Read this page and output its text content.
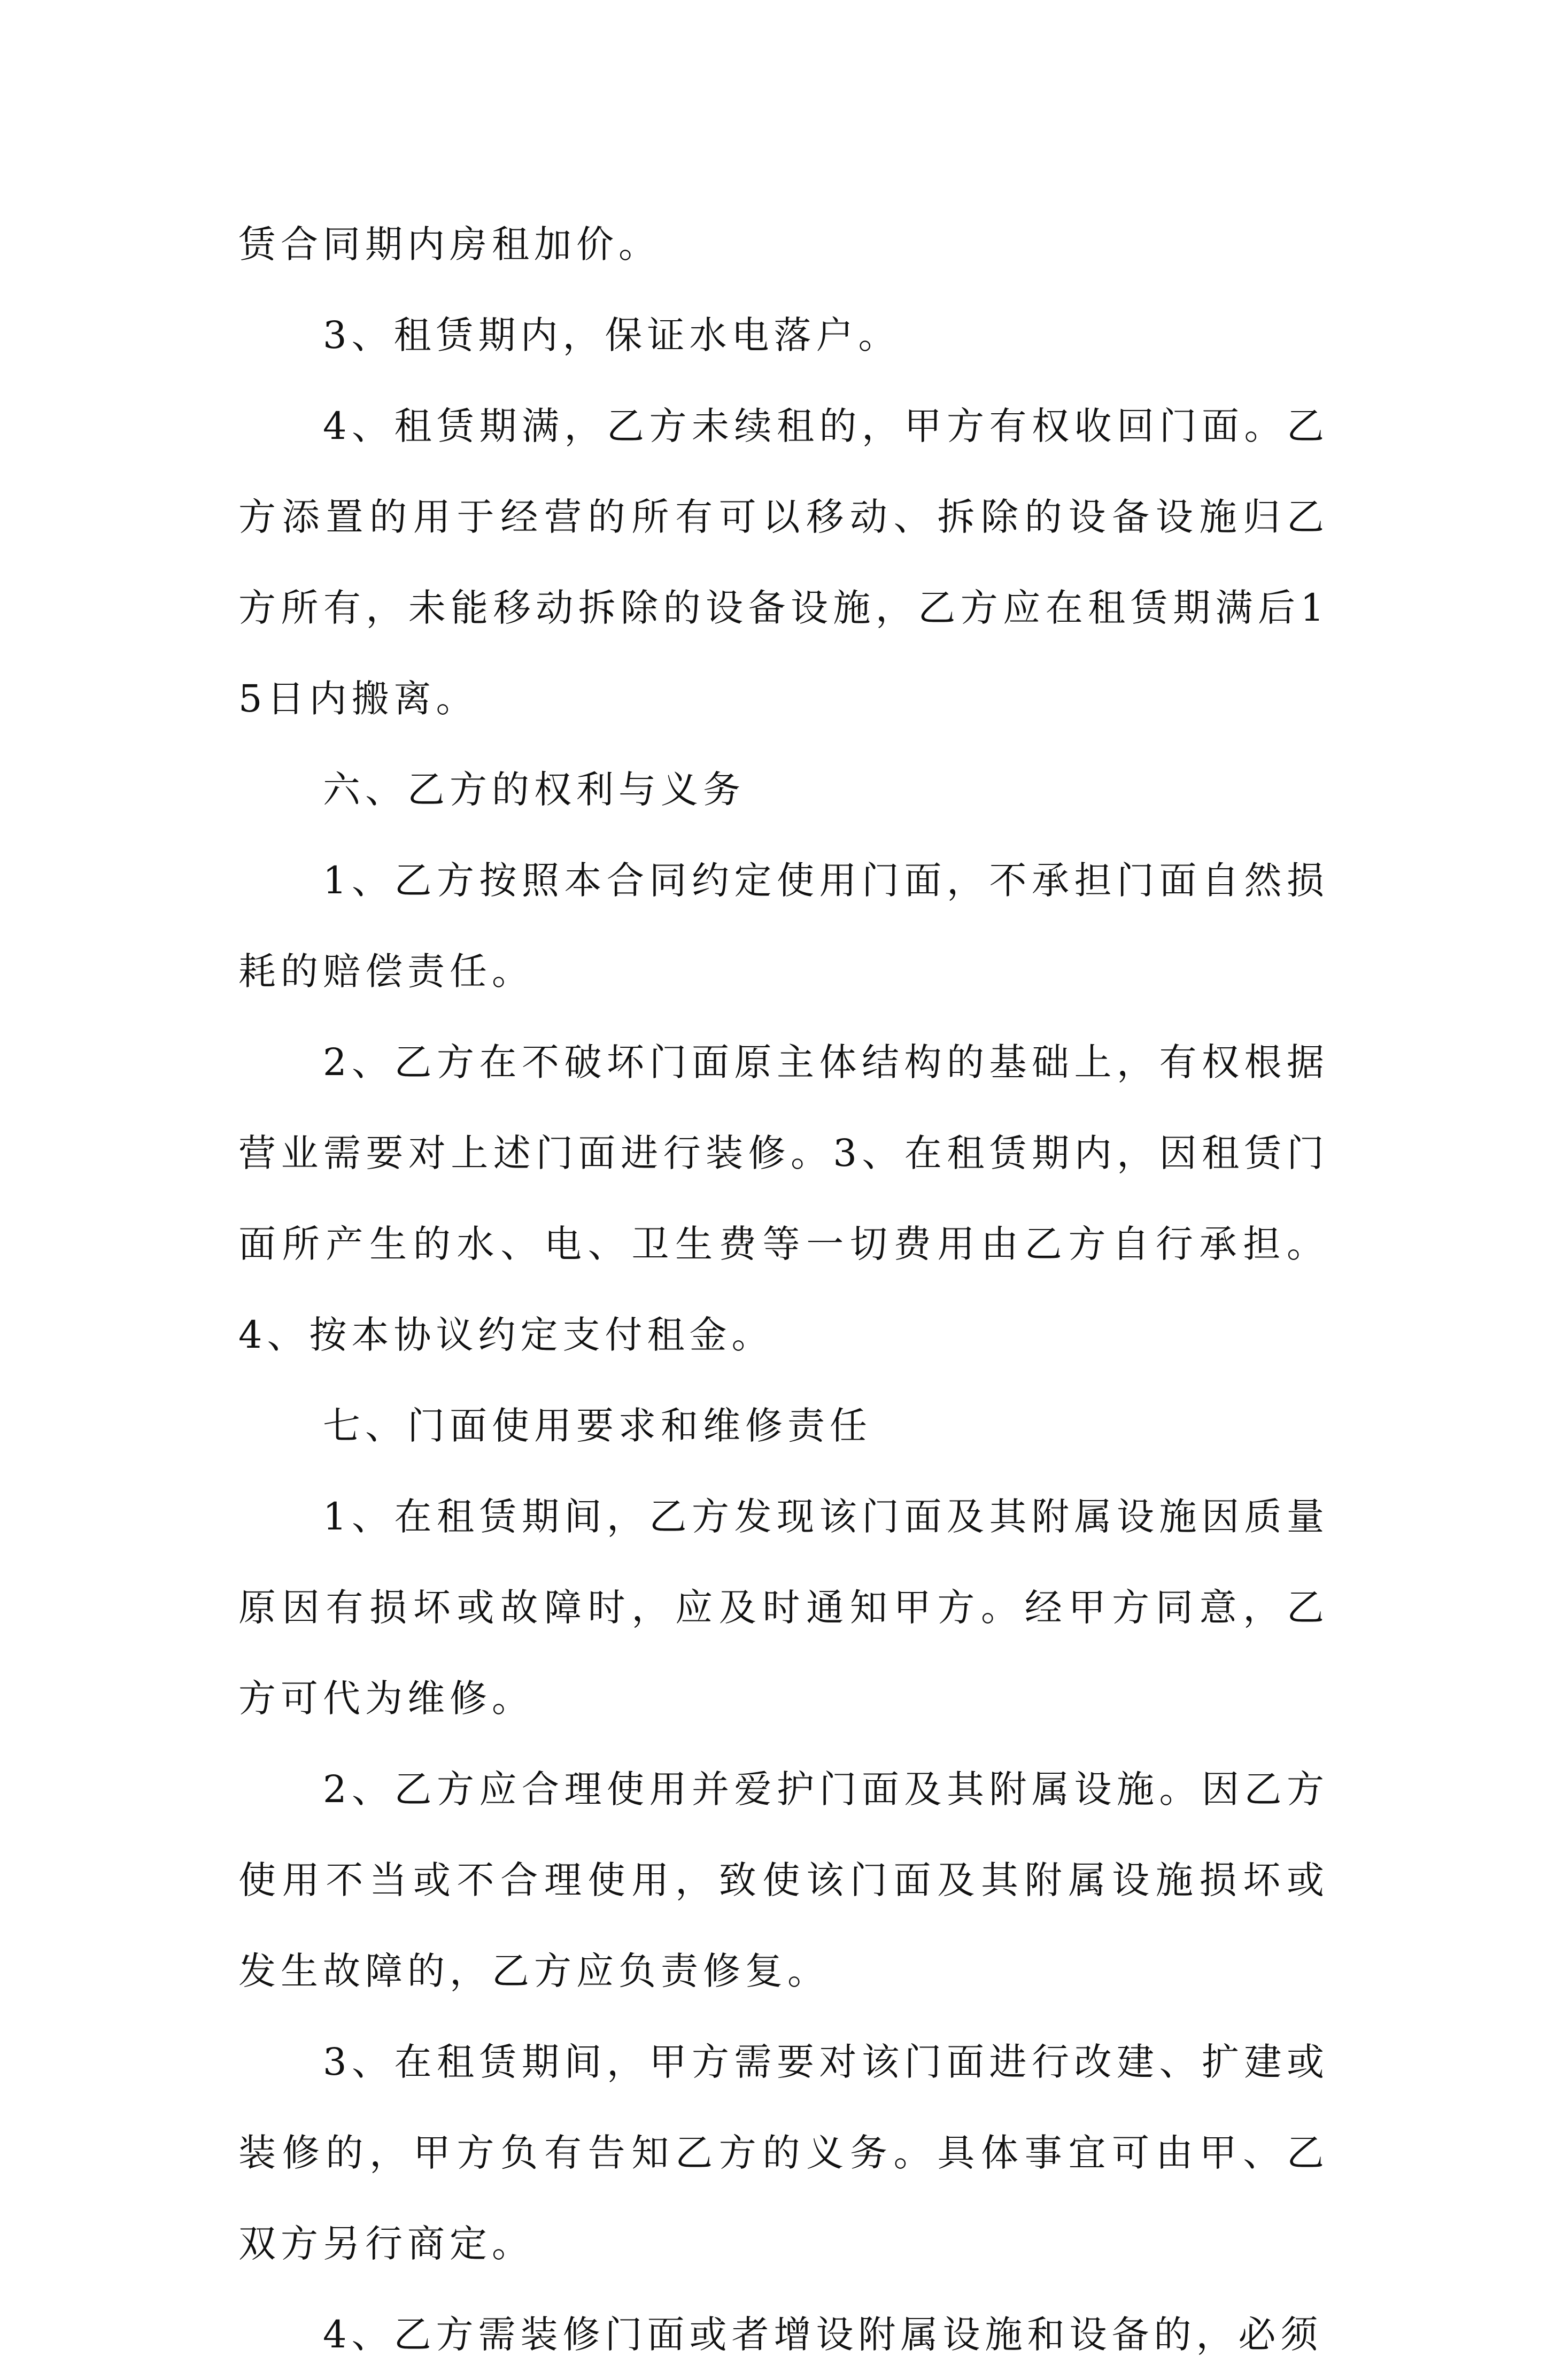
赁合同期内房租加价。

3、租赁期内，保证水电落户。

4、租赁期满，乙方未续租的，甲方有权收回门面。乙方添置的用于经营的所有可以移动、拆除的设备设施归乙方所有，未能移动拆除的设备设施，乙方应在租赁期满后15日内搬离。

六、乙方的权利与义务

1、乙方按照本合同约定使用门面，不承担门面自然损耗的赔偿责任。

2、乙方在不破坏门面原主体结构的基础上，有权根据营业需要对上述门面进行装修。3、在租赁期内，因租赁门面所产生的水、电、卫生费等一切费用由乙方自行承担。4、按本协议约定支付租金。

七、门面使用要求和维修责任

1、在租赁期间，乙方发现该门面及其附属设施因质量原因有损坏或故障时，应及时通知甲方。经甲方同意，乙方可代为维修。

2、乙方应合理使用并爱护门面及其附属设施。因乙方使用不当或不合理使用，致使该门面及其附属设施损坏或发生故障的，乙方应负责修复。

3、在租赁期间，甲方需要对该门面进行改建、扩建或装修的，甲方负有告知乙方的义务。具体事宜可由甲、乙双方另行商定。

4、乙方需装修门面或者增设附属设施和设备的，必须
